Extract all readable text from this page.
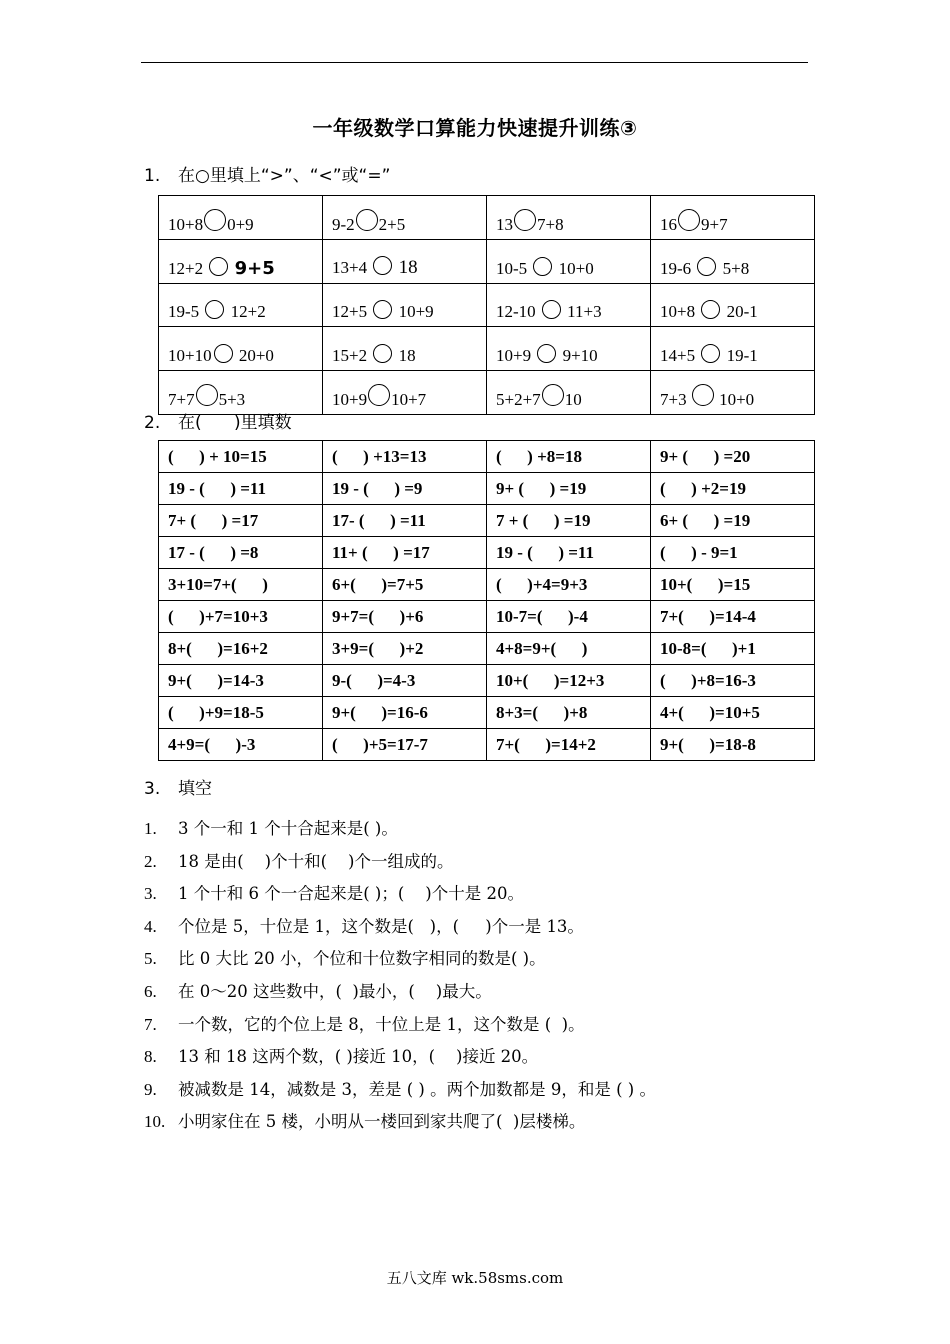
一年级数学口算能力快速提升训练③
1. 在○里填上“>”、“<”或“=”
10+8 0+9	9-2 2+5	13 7+8	16 9+7
12+2 9+5	13+4 18	10-5 10+0	19-6 5+8
19-5 12+2	12+5 10+9	12-10 11+3	10+8 20-1
10+10 20+0	15+2 18	10+9 9+10	14+5 19-1
7+7 5+3	10+9 10+7	5+2+7 10	7+3 10+0
2. 在(      )里填数
(      ) + 10=15	(      ) +13=13	(      ) +8=18	9+ (      ) =20
19 - (      ) =11	19 - (      ) =9	9+ (      ) =19	(      ) +2=19
7+ (      ) =17	17- (      ) =11	7 + (      ) =19	6+ (      ) =19
17 - (      ) =8	11+ (      ) =17	19 - (      ) =11	(      ) - 9=1
3+10=7+(      )	6+(      )=7+5	(      )+4=9+3	10+(      )=15
(      )+7=10+3	9+7=(      )+6	10-7=(      )-4	7+(      )=14-4
8+(      )=16+2	3+9=(      )+2	4+8=9+(      )	10-8=(      )+1
9+(      )=14-3	9-(      )=4-3	10+(      )=12+3	(      )+8=16-3
(      )+9=18-5	9+(      )=16-6	8+3=(      )+8	4+(      )=10+5
4+9=(      )-3	(      )+5=17-7	7+(      )=14+2	9+(      )=18-8
3. 填空
1. 3 个一和 1 个十合起来是( )。
2. 18 是由(    )个十和(    )个一组成的。
3. 1 个十和 6 个一合起来是( )；(    )个十是 20。
4. 个位是 5，十位是 1，这个数是(   )，(     )个一是 13。
5. 比 0 大比 20 小，个位和十位数字相同的数是( )。
6. 在 0～20 这些数中，(  )最小，(    )最大。
7. 一个数，它的个位上是 8，十位上是 1，这个数是 (  )。
8. 13 和 18 这两个数，( )接近 10，(    )接近 20。
9. 被减数是 14，减数是 3，差是 ( ) 。两个加数都是 9，和是 ( ) 。
10. 小明家住在 5 楼，小明从一楼回到家共爬了(  )层楼梯。
五八文库 wk.58sms.com
